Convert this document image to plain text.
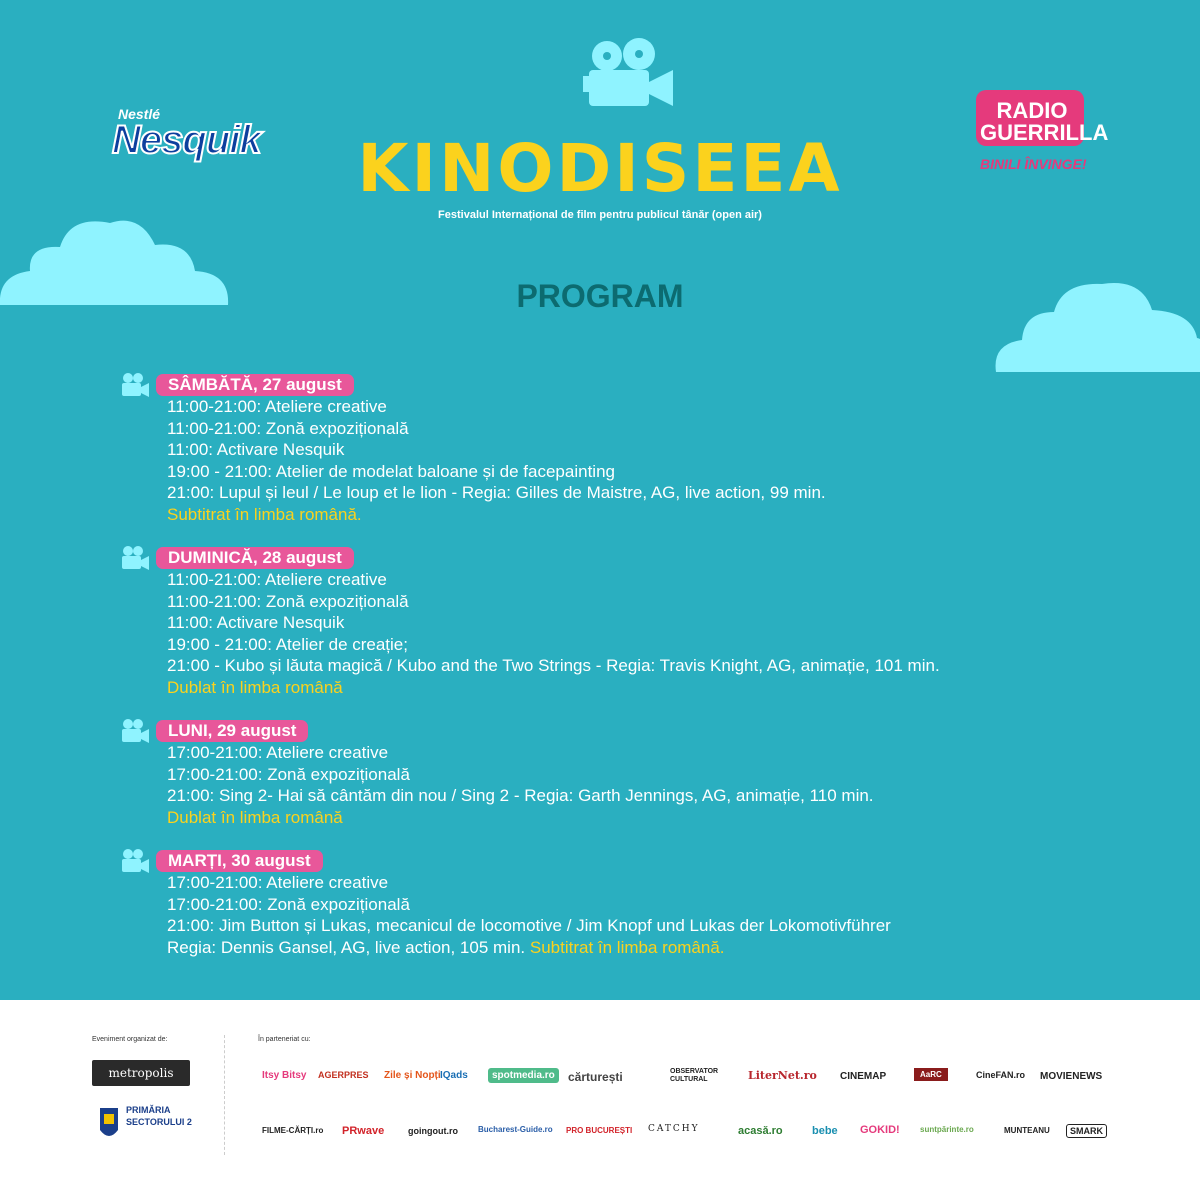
KINODISEEA
Festivalul Internațional de film pentru publicul tânăr (open air)
PROGRAM
Nestlé
Nesquik
RADIO GUERRILLA
BINILI ÎNVINGE!
SÂMBĂTĂ, 27 august
11:00-21:00: Ateliere creative
11:00-21:00: Zonă expozițională
11:00: Activare Nesquik
19:00 - 21:00: Atelier de modelat baloane și de facepainting
21:00: Lupul și leul / Le loup et le lion - Regia: Gilles de Maistre, AG, live action, 99 min.
Subtitrat în limba română.
DUMINICĂ, 28 august
11:00-21:00: Ateliere creative
11:00-21:00: Zonă expozițională
11:00: Activare Nesquik
19:00 - 21:00: Atelier de creație;
21:00 - Kubo și lăuta magică / Kubo and the Two Strings - Regia: Travis Knight, AG, animație, 101 min.
Dublat în limba română
LUNI, 29 august
17:00-21:00: Ateliere creative
17:00-21:00: Zonă expozițională
21:00: Sing 2- Hai să cântăm din nou / Sing 2 - Regia: Garth Jennings, AG, animație, 110 min.
Dublat în limba română
MARȚI, 30 august
17:00-21:00: Ateliere creative
17:00-21:00: Zonă expozițională
21:00: Jim Button și Lukas, mecanicul de locomotive / Jim Knopf und Lukas der Lokomotivführer
Regia: Dennis Gansel, AG, live action, 105 min. Subtitrat în limba română.
Eveniment organizat de:	În parteneriat cu:
metropolis
PRIMĂRIA SECTORULUI 2
Itsy Bitsy AGERPRES Zile și Nopți IQads	spotmedia.ro	cărturești	OBSERVATOR CULTURAL	LiterNet.ro CINEMAP	AaRC	CineFAN.ro MOVIENEWS
FILME-CĂRȚI.ro PRwave	goingout.ro	Bucharest-Guide.ro PRO BUCUREȘTI CATCHY	acasă.ro	bebe GOKID!	suntpărinte.ro	MUNTEANU	SMARK
